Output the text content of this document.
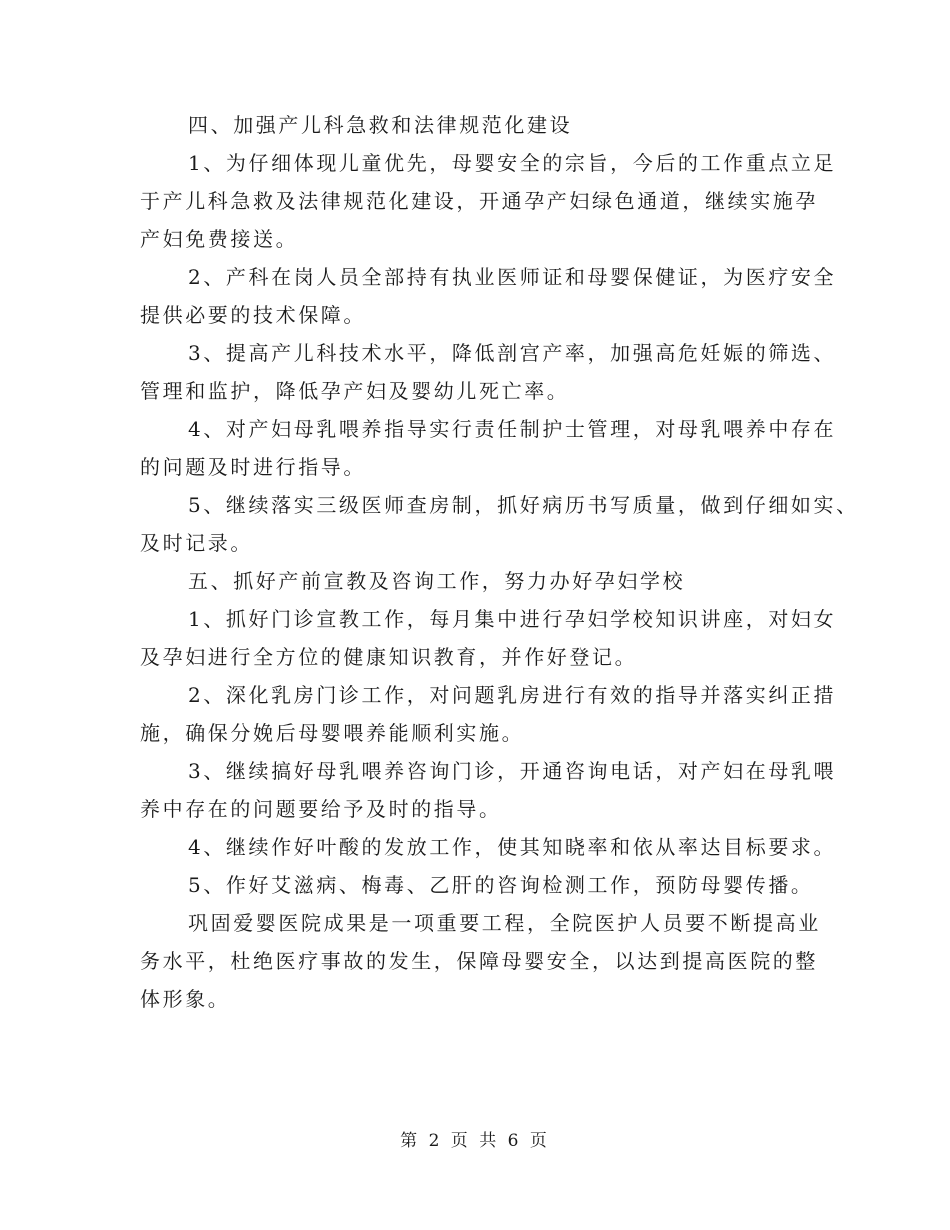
四、加强产儿科急救和法律规范化建设
1、为仔细体现儿童优先，母婴安全的宗旨，今后的工作重点立足
于产儿科急救及法律规范化建设，开通孕产妇绿色通道，继续实施孕
产妇免费接送。
2、产科在岗人员全部持有执业医师证和母婴保健证，为医疗安全
提供必要的技术保障。
3、提高产儿科技术水平，降低剖宫产率，加强高危妊娠的筛选、
管理和监护，降低孕产妇及婴幼儿死亡率。
4、对产妇母乳喂养指导实行责任制护士管理，对母乳喂养中存在
的问题及时进行指导。
5、继续落实三级医师查房制，抓好病历书写质量，做到仔细如实、
及时记录。
五、抓好产前宣教及咨询工作，努力办好孕妇学校
1、抓好门诊宣教工作，每月集中进行孕妇学校知识讲座，对妇女
及孕妇进行全方位的健康知识教育，并作好登记。
2、深化乳房门诊工作，对问题乳房进行有效的指导并落实纠正措
施，确保分娩后母婴喂养能顺利实施。
3、继续搞好母乳喂养咨询门诊，开通咨询电话，对产妇在母乳喂
养中存在的问题要给予及时的指导。
4、继续作好叶酸的发放工作，使其知晓率和依从率达目标要求。
5、作好艾滋病、梅毒、乙肝的咨询检测工作，预防母婴传播。
巩固爱婴医院成果是一项重要工程，全院医护人员要不断提高业
务水平，杜绝医疗事故的发生，保障母婴安全，以达到提高医院的整
体形象。
第 2 页 共 6 页
